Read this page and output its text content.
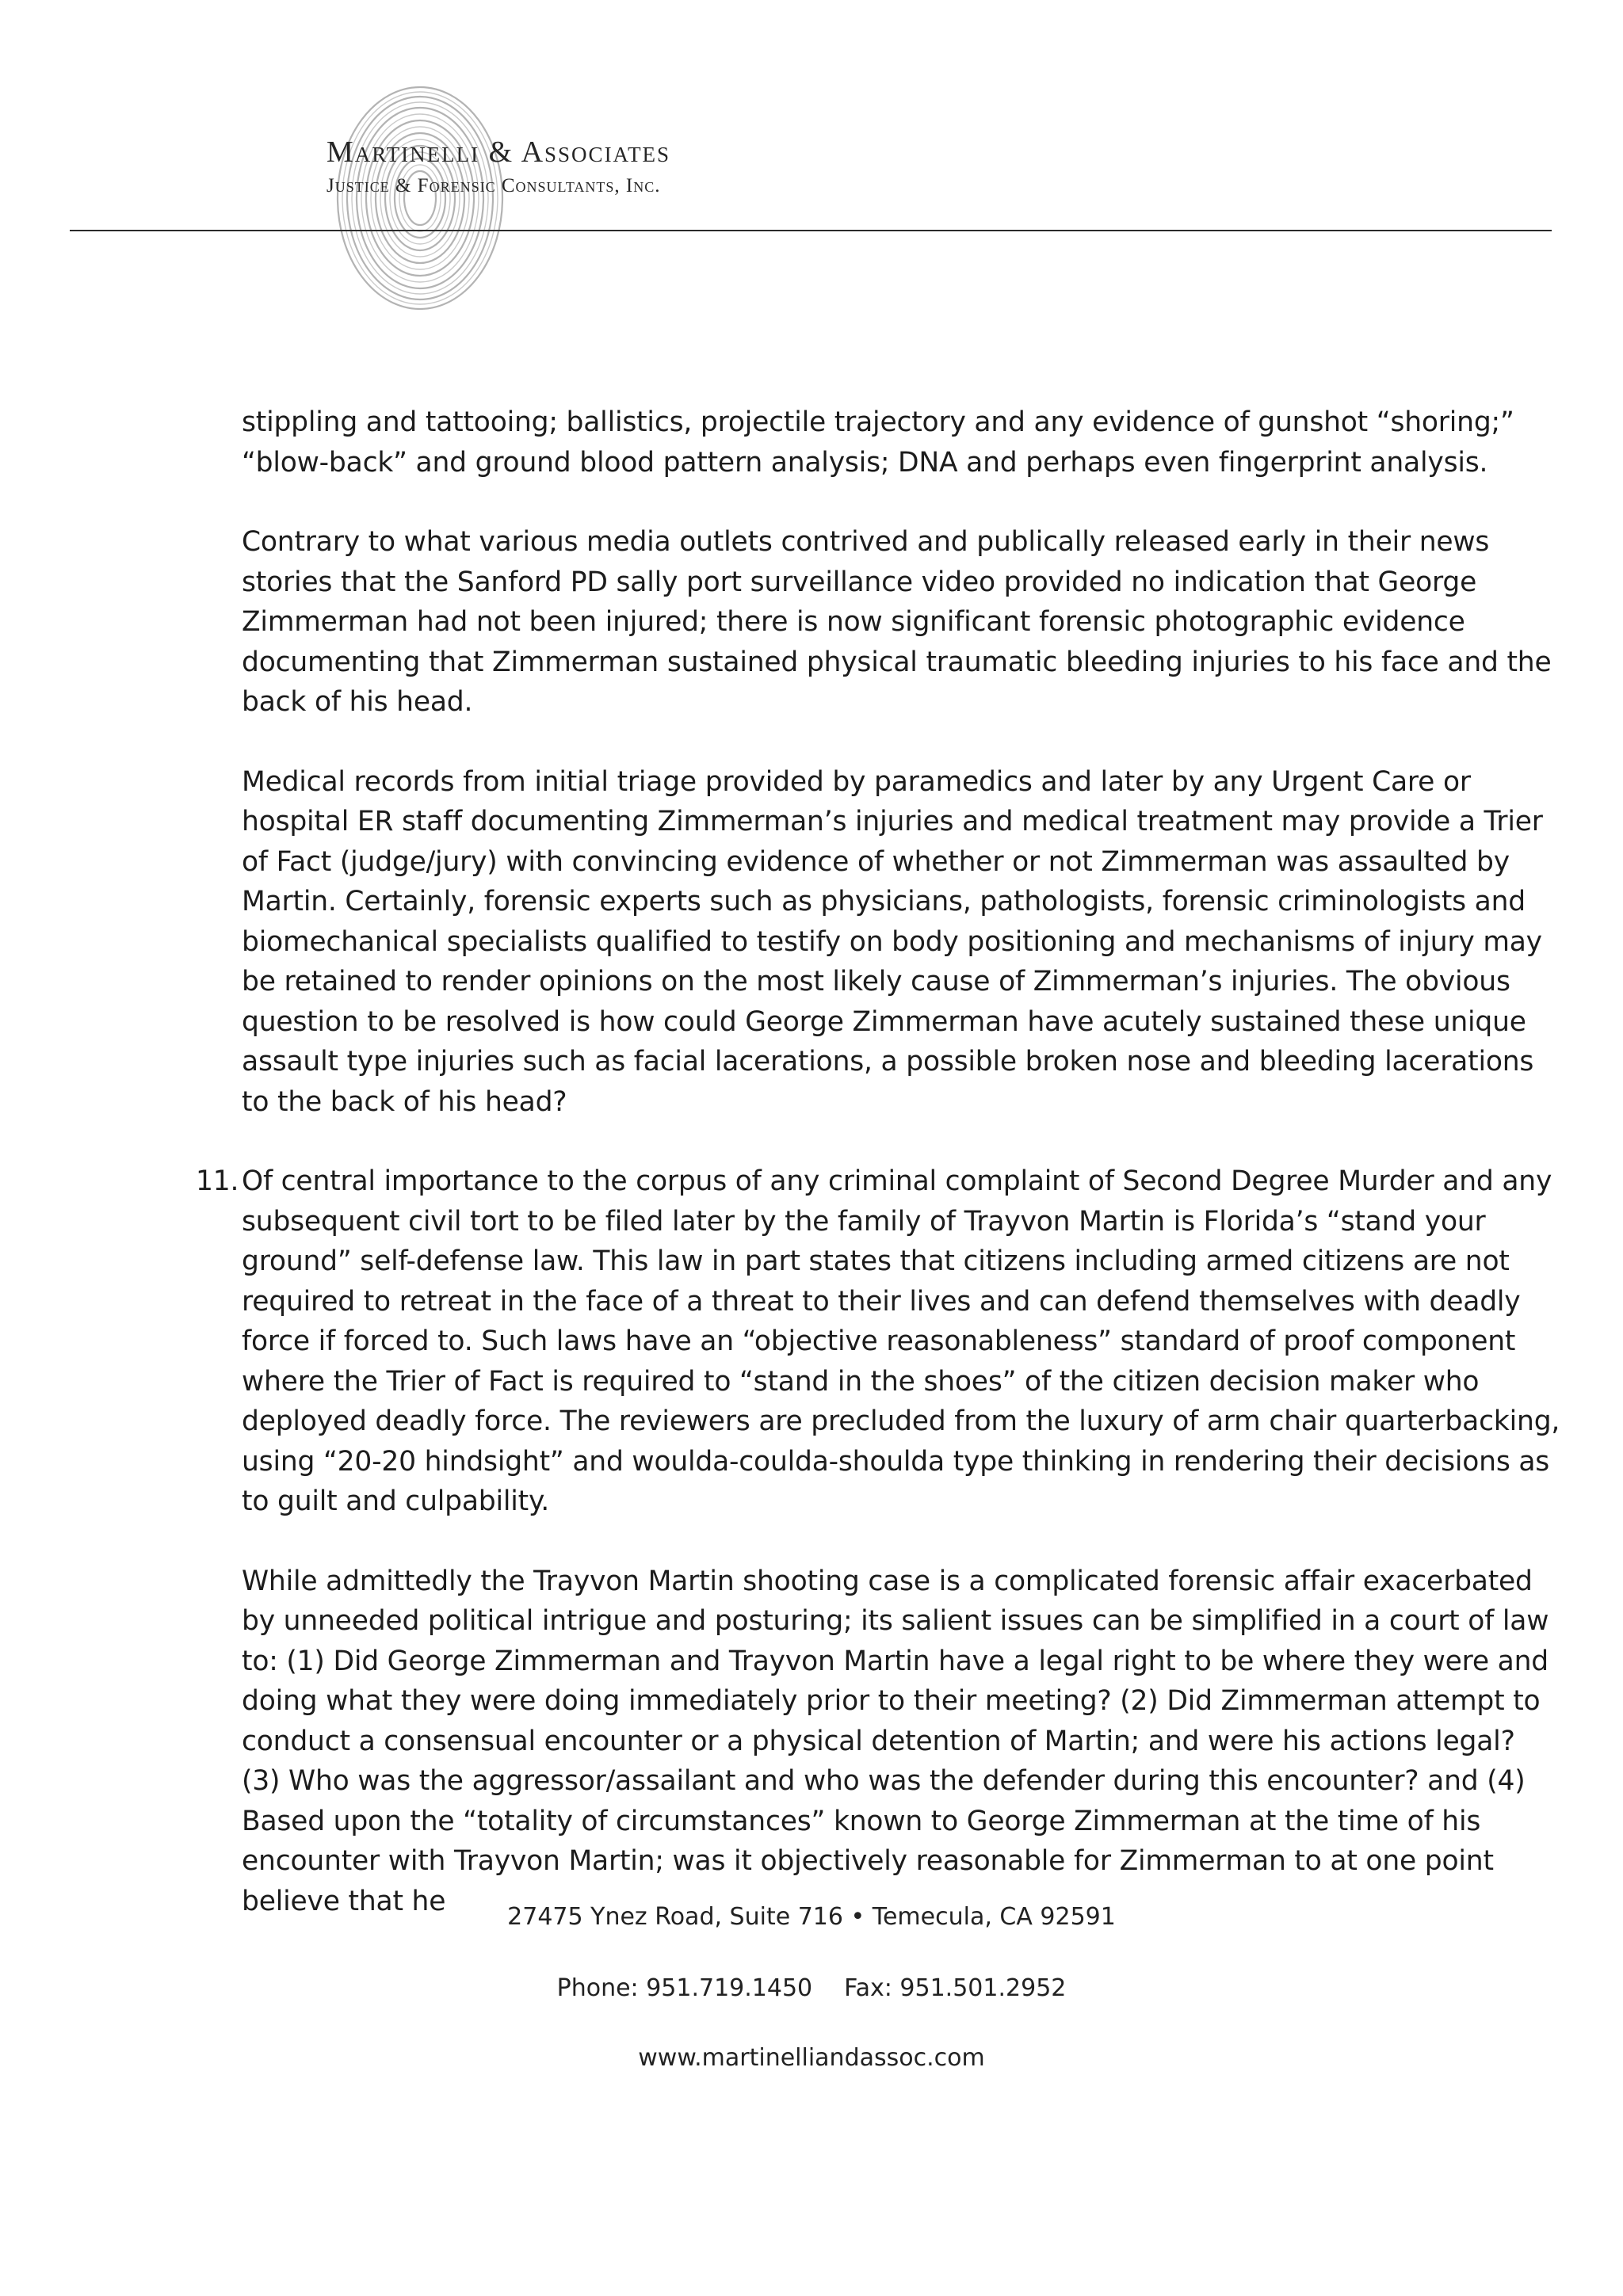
Martinelli & Associates
Justice & Forensic Consultants, Inc.

stippling and tattooing; ballistics, projectile trajectory and any evidence of gunshot “shoring;” “blow-back” and ground blood pattern analysis; DNA and perhaps even fingerprint analysis.

Contrary to what various media outlets contrived and publically released early in their news stories that the Sanford PD sally port surveillance video provided no indication that George Zimmerman had not been injured; there is now significant forensic photographic evidence documenting that Zimmerman sustained physical traumatic bleeding injuries to his face and the back of his head.

Medical records from initial triage provided by paramedics and later by any Urgent Care or hospital ER staff documenting Zimmerman’s injuries and medical treatment may provide a Trier of Fact (judge/jury) with convincing evidence of whether or not Zimmerman was assaulted by Martin. Certainly, forensic experts such as physicians, pathologists, forensic criminologists and biomechanical specialists qualified to testify on body positioning and mechanisms of injury may be retained to render opinions on the most likely cause of Zimmerman’s injuries. The obvious question to be resolved is how could George Zimmerman have acutely sustained these unique assault type injuries such as facial lacerations, a possible broken nose and bleeding lacerations to the back of his head?

11. Of central importance to the corpus of any criminal complaint of Second Degree Murder and any subsequent civil tort to be filed later by the family of Trayvon Martin is Florida’s “stand your ground” self-defense law. This law in part states that citizens including armed citizens are not required to retreat in the face of a threat to their lives and can defend themselves with deadly force if forced to. Such laws have an “objective reasonableness” standard of proof component where the Trier of Fact is required to “stand in the shoes” of the citizen decision maker who deployed deadly force. The reviewers are precluded from the luxury of arm chair quarterbacking, using “20-20 hindsight” and woulda-coulda-shoulda type thinking in rendering their decisions as to guilt and culpability.

While admittedly the Trayvon Martin shooting case is a complicated forensic affair exacerbated by unneeded political intrigue and posturing; its salient issues can be simplified in a court of law to: (1) Did George Zimmerman and Trayvon Martin have a legal right to be where they were and doing what they were doing immediately prior to their meeting? (2) Did Zimmerman attempt to conduct a consensual encounter or a physical detention of Martin; and were his actions legal? (3) Who was the aggressor/assailant and who was the defender during this encounter? and (4) Based upon the “totality of circumstances” known to George Zimmerman at the time of his encounter with Trayvon Martin; was it objectively reasonable for Zimmerman to at one point believe that he	27475 Ynez Road, Suite 716 • Temecula, CA 92591
Phone: 951.719.1450 Fax: 951.501.2952
www.martinelliandassoc.com
